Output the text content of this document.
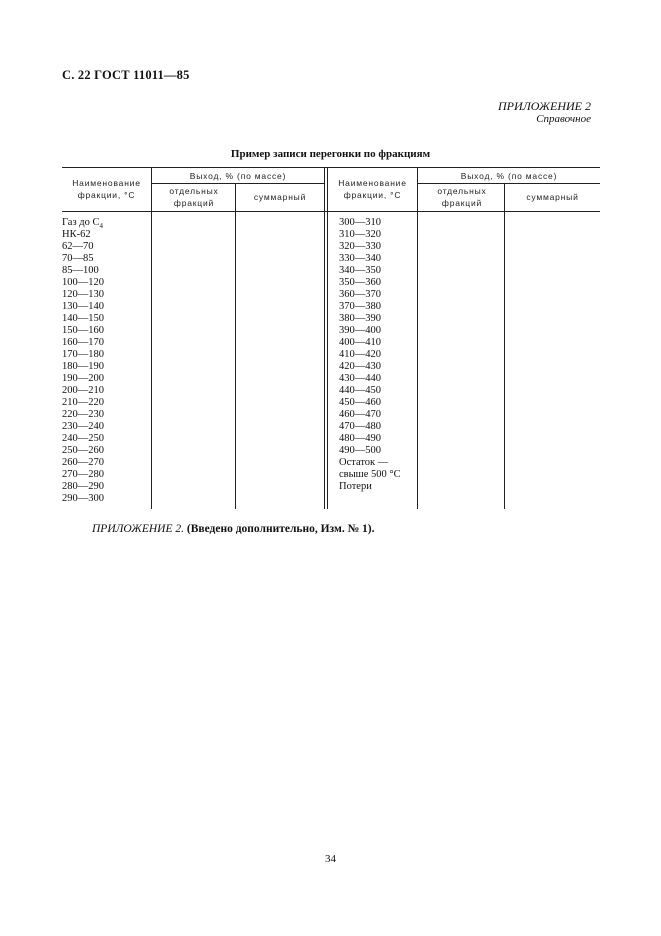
С. 22 ГОСТ 11011—85
ПРИЛОЖЕНИЕ 2
Справочное
Пример записи перегонки по фракциям
Наименование фракции, °С
Выход, % (по массе)
отдельных фракций
суммарный
Наименование фракции, °С
Выход, % (по массе)
отдельных фракций
суммарный
Газ до $С_4$
НК-62
62—70
70—85
85—100
100—120
120—130
130—140
140—150
150—160
160—170
170—180
180—190
190—200
200—210
210—220
220—230
230—240
240—250
250—260
260—270
270—280
280—290
290—300
300—310
310—320
320—330
330—340
340—350
350—360
360—370
370—380
380—390
390—400
400—410
410—420
420—430
430—440
440—450
450—460
460—470
470—480
480—490
490—500
Остаток —
свыше 500 °С
Потери
ПРИЛОЖЕНИЕ 2. (Введено дополнительно, Изм. № 1).
34
